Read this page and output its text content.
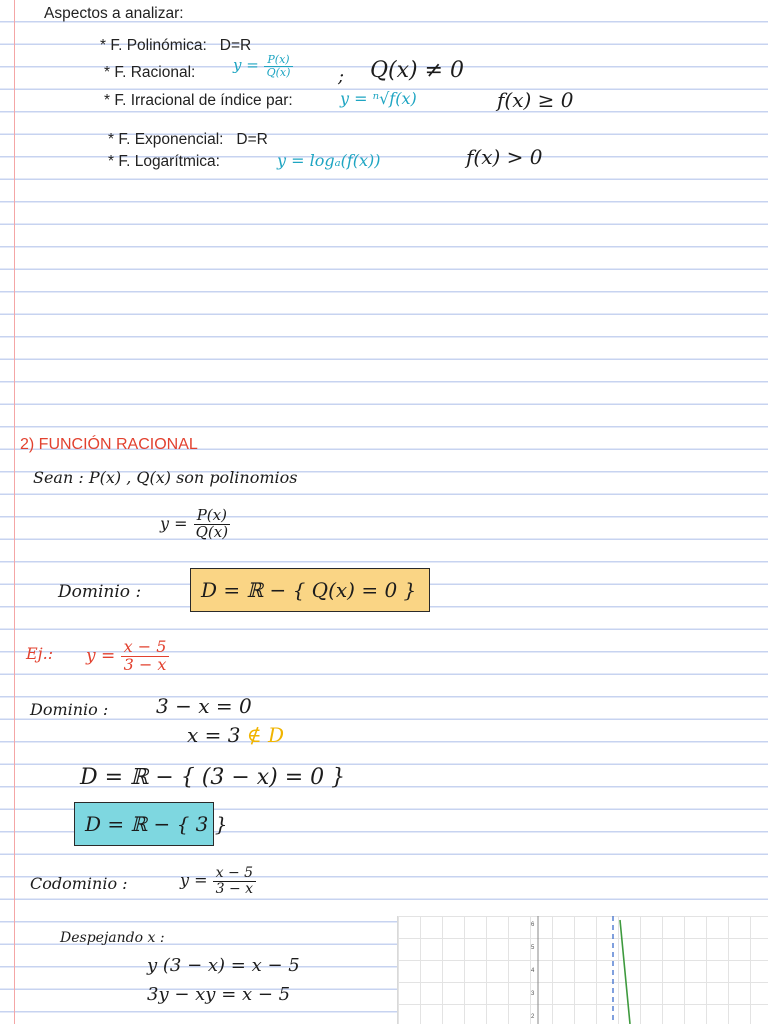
Aspectos a analizar:
* F. Polinómica: D=R
* F. Racional:	$y = \frac{P(x)}{Q(x)}$ ; Q(x) ≠ 0
* F. Irracional de índice par:	y = ⁿ√f(x)	f(x) ≥ 0
* F. Exponencial: D=R
* F. Logarítmica:	y = logₐ(f(x))	f(x) > 0
2) FUNCIÓN RACIONAL
Sean : P(x) , Q(x) son polinomios
$y = \frac{P(x)}{Q(x)}$
Dominio :	D = ℝ − { Q(x) = 0 }
Ej.: $y = \frac{x - 5}{3 - x}$
Dominio : 3 − x = 0
x = 3 ∉ D
D = ℝ − { (3 − x) = 0 }
D = ℝ − { 3 }
Codominio :	$y = \frac{x - 5}{3 - x}$
Despejando x :
y (3 − x) = x − 5
3y − xy = x − 5
6
5
4
3
2
